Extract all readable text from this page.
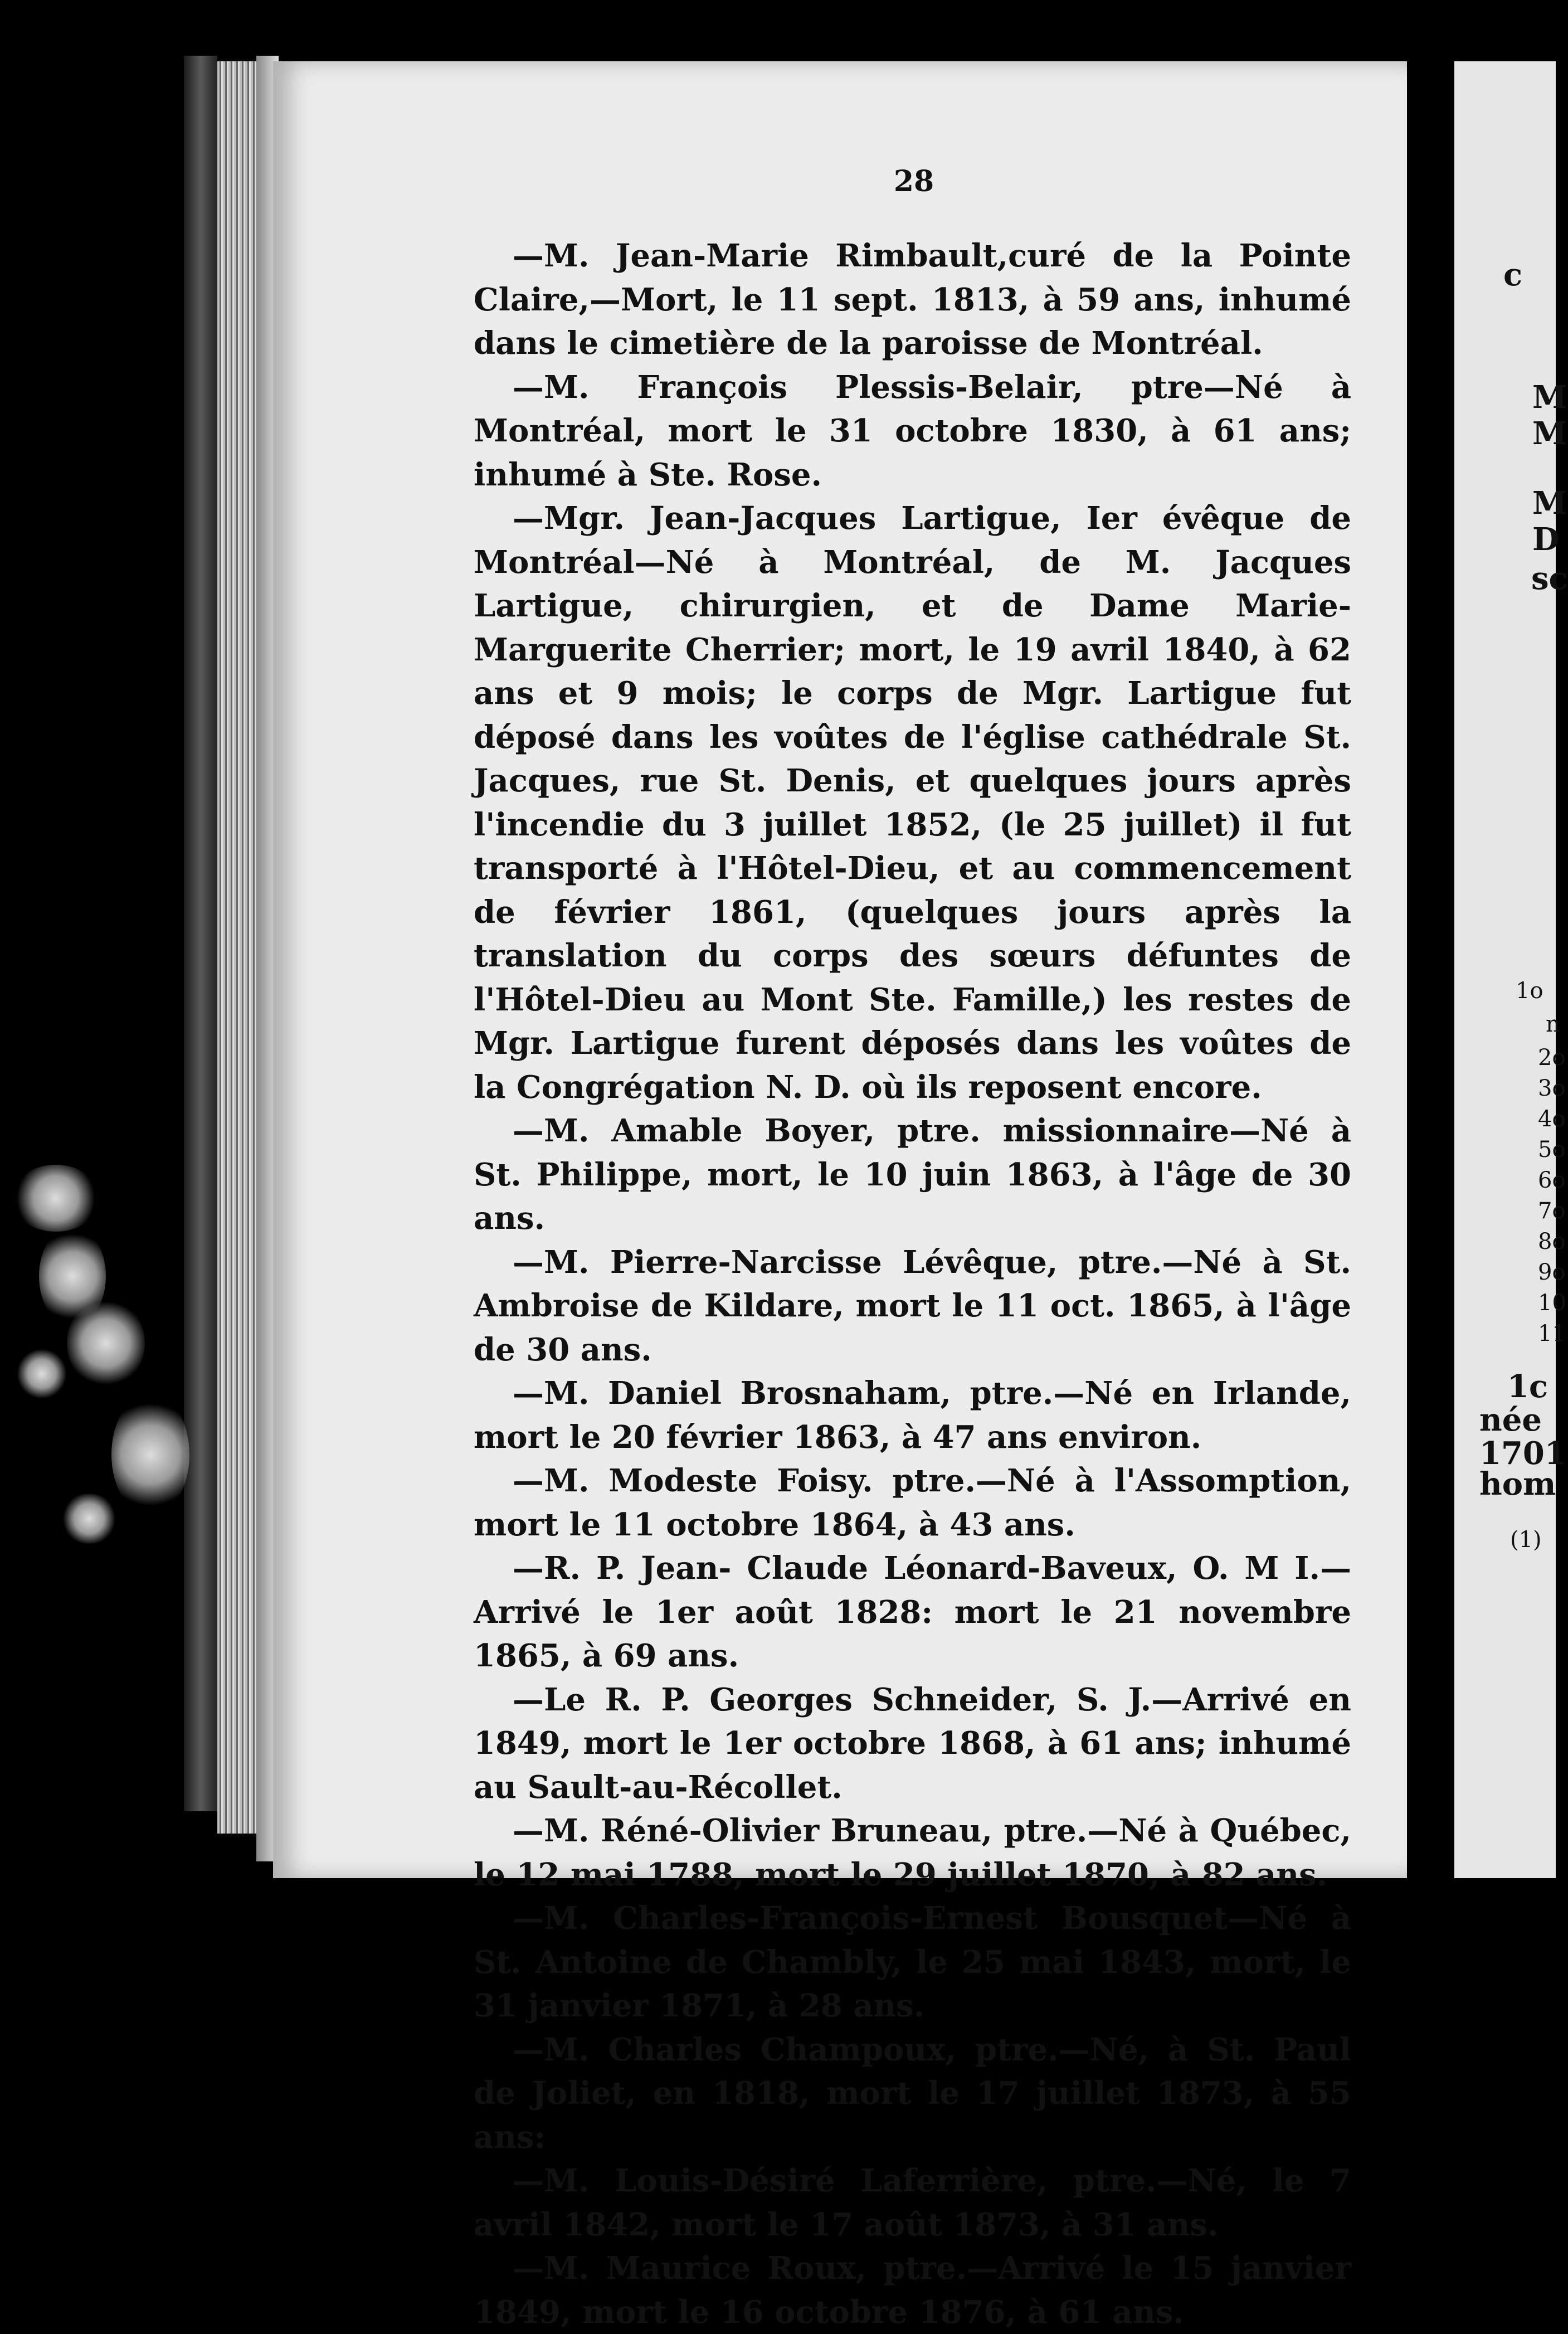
28

—M. Jean-Marie Rimbault,curé de la Pointe Claire,—Mort, le 11 sept. 1813, à 59 ans, inhumé dans le cimetière de la paroisse de Montréal.

—M. François Plessis-Belair, ptre—Né à Montréal, mort le 31 octobre 1830, à 61 ans; inhumé à Ste. Rose.

—Mgr. Jean-Jacques Lartigue, Ier évêque de Montréal—Né à Montréal, de M. Jacques Lartigue, chirurgien, et de Dame Marie-Marguerite Cherrier; mort, le 19 avril 1840, à 62 ans et 9 mois; le corps de Mgr. Lartigue fut déposé dans les voûtes de l'église cathédrale St. Jacques, rue St. Denis, et quelques jours après l'incendie du 3 juillet 1852, (le 25 juillet) il fut transporté à l'Hôtel-Dieu, et au commencement de février 1861, (quelques jours après la translation du corps des sœurs défuntes de l'Hôtel-Dieu au Mont Ste. Famille,) les restes de Mgr. Lartigue furent déposés dans les voûtes de la Congrégation N. D. où ils reposent encore.

—M. Amable Boyer, ptre. missionnaire—Né à St. Philippe, mort, le 10 juin 1863, à l'âge de 30 ans.

—M. Pierre-Narcisse Lévêque, ptre.—Né à St. Ambroise de Kildare, mort le 11 oct. 1865, à l'âge de 30 ans.

—M. Daniel Brosnaham, ptre.—Né en Irlande, mort le 20 février 1863, à 47 ans environ.

—M. Modeste Foisy. ptre.—Né à l'Assomption, mort le 11 octobre 1864, à 43 ans.

—R. P. Jean- Claude Léonard-Baveux, O. M I.—Arrivé le 1er août 1828: mort le 21 novembre 1865, à 69 ans.

—Le R. P. Georges Schneider, S. J.—Arrivé en 1849, mort le 1er octobre 1868, à 61 ans; inhumé au Sault-au-Récollet.

—M. Réné-Olivier Bruneau, ptre.—Né à Québec, le 12 mai 1788, mort le 29 juillet 1870, à 82 ans.

—M. Charles-François-Ernest Bousquet—Né à St. Antoine de Chambly, le 25 mai 1843, mort, le 31 janvier 1871, à 28 ans.

—M. Charles Champoux, ptre.—Né, à St. Paul de Joliet, en 1818, mort le 17 juillet 1873, à 55 ans:

—M. Louis-Désiré Laferrière, ptre.—Né, le 7 avril 1842, mort le 17 août 1873, à 31 ans.

—M. Maurice Roux, ptre.—Arrivé le 15 janvier 1849, mort le 16 octobre 1876, à 61 ans.

c
M
M
M
D
sc
1o
n
2o
3o
4o
5o
6o
7o
8o
9o
10
11
1c
née
1701
hom
(1)
